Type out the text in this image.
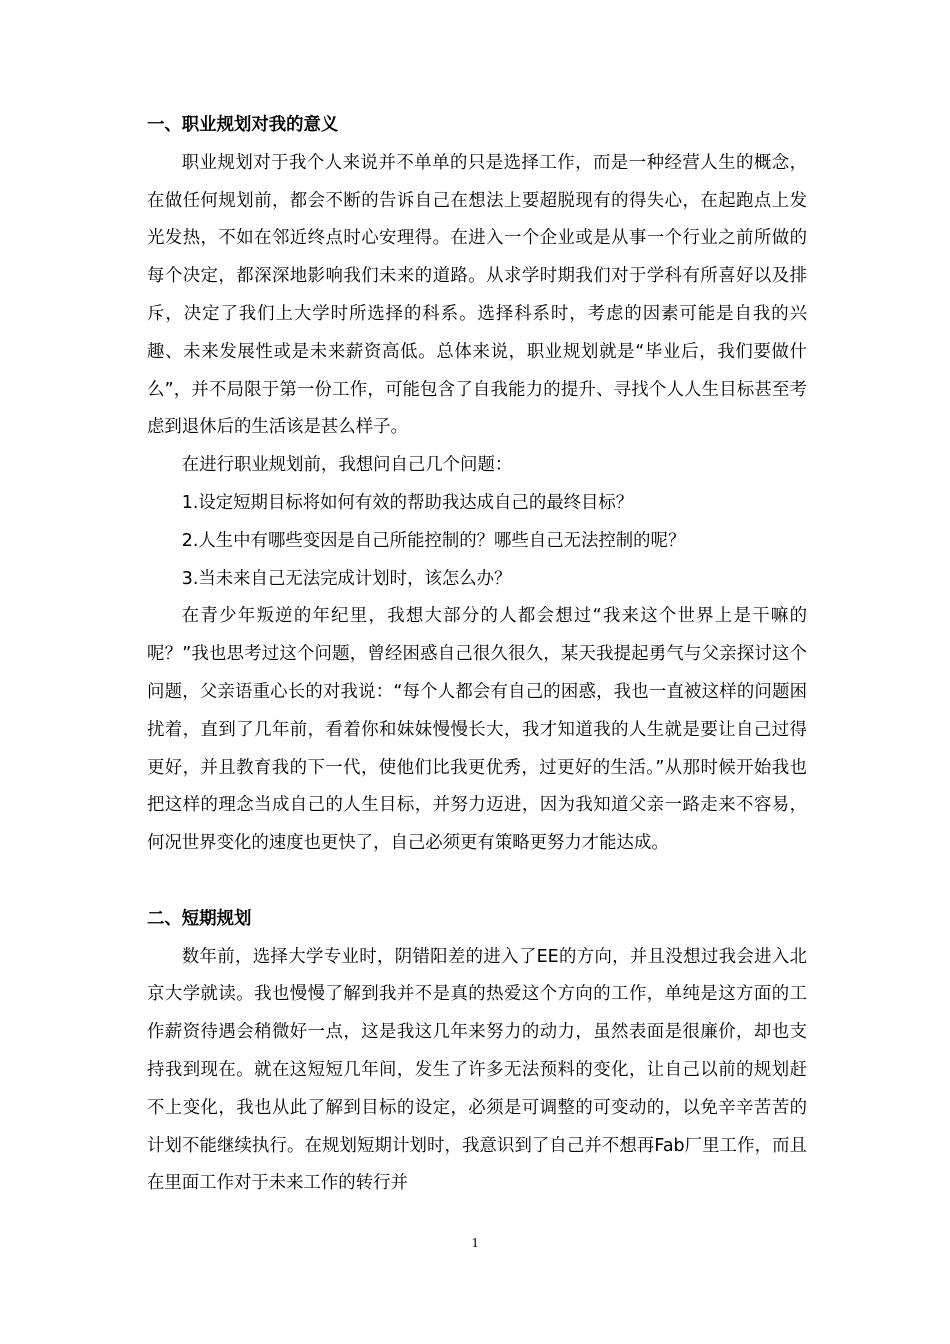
一、职业规划对我的意义

职业规划对于我个人来说并不单单的只是选择工作，而是一种经营人生的概念，在做任何规划前，都会不断的告诉自己在想法上要超脱现有的得失心，在起跑点上发光发热，不如在邻近终点时心安理得。在进入一个企业或是从事一个行业之前所做的每个决定，都深深地影响我们未来的道路。从求学时期我们对于学科有所喜好以及排斥，决定了我们上大学时所选择的科系。选择科系时，考虑的因素可能是自我的兴趣、未来发展性或是未来薪资高低。总体来说，职业规划就是“毕业后，我们要做什么”，并不局限于第一份工作，可能包含了自我能力的提升、寻找个人人生目标甚至考虑到退休后的生活该是甚么样子。

在进行职业规划前，我想问自己几个问题：

1.设定短期目标将如何有效的帮助我达成自己的最终目标？

2.人生中有哪些变因是自己所能控制的？哪些自己无法控制的呢？

3.当未来自己无法完成计划时，该怎么办？

在青少年叛逆的年纪里，我想大部分的人都会想过“我来这个世界上是干嘛的呢？”我也思考过这个问题，曾经困惑自己很久很久，某天我提起勇气与父亲探讨这个问题，父亲语重心长的对我说：“每个人都会有自己的困惑，我也一直被这样的问题困扰着，直到了几年前，看着你和妹妹慢慢长大，我才知道我的人生就是要让自己过得更好，并且教育我的下一代，使他们比我更优秀，过更好的生活。”从那时候开始我也把这样的理念当成自己的人生目标，并努力迈进，因为我知道父亲一路走来不容易，何况世界变化的速度也更快了，自己必须更有策略更努力才能达成。

二、短期规划

数年前，选择大学专业时，阴错阳差的进入了EE的方向，并且没想过我会进入北京大学就读。我也慢慢了解到我并不是真的热爱这个方向的工作，单纯是这方面的工作薪资待遇会稍微好一点，这是我这几年来努力的动力，虽然表面是很廉价，却也支持我到现在。就在这短短几年间，发生了许多无法预料的变化，让自己以前的规划赶不上变化，我也从此了解到目标的设定，必须是可调整的可变动的，以免辛辛苦苦的计划不能继续执行。在规划短期计划时，我意识到了自己并不想再Fab厂里工作，而且在里面工作对于未来工作的转行并

1
